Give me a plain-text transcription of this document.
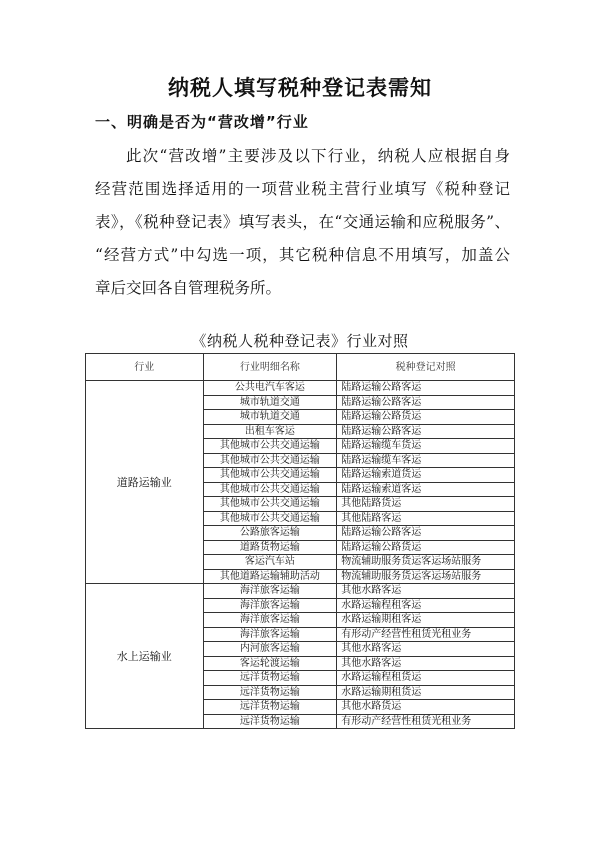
纳税人填写税种登记表需知
一、明确是否为“营改增”行业

此次“营改增”主要涉及以下行业，纳税人应根据自身
经营范围选择适用的一项营业税主营行业填写《税种登记
表》，《税种登记表》填写表头，在“交通运输和应税服务”、
“经营方式”中勾选一项，其它税种信息不用填写，加盖公
章后交回各自管理税务所。

《纳税人税种登记表》行业对照
行业	行业明细名称	税种登记对照
道路运输业	公共电汽车客运	陆路运输公路客运
	城市轨道交通	陆路运输公路客运
	城市轨道交通	陆路运输公路货运
	出租车客运	陆路运输公路客运
	其他城市公共交通运输	陆路运输缆车货运
	其他城市公共交通运输	陆路运输缆车客运
	其他城市公共交通运输	陆路运输索道货运
	其他城市公共交通运输	陆路运输索道客运
	其他城市公共交通运输	其他陆路货运
	其他城市公共交通运输	其他陆路客运
	公路旅客运输	陆路运输公路客运
	道路货物运输	陆路运输公路货运
	客运汽车站	物流辅助服务货运客运场站服务
	其他道路运输辅助活动	物流辅助服务货运客运场站服务
水上运输业	海洋旅客运输	其他水路客运
	海洋旅客运输	水路运输程租客运
	海洋旅客运输	水路运输期租客运
	海洋旅客运输	有形动产经营性租赁光租业务
	内河旅客运输	其他水路客运
	客运轮渡运输	其他水路客运
	远洋货物运输	水路运输程租货运
	远洋货物运输	水路运输期租货运
	远洋货物运输	其他水路货运
	远洋货物运输	有形动产经营性租赁光租业务
